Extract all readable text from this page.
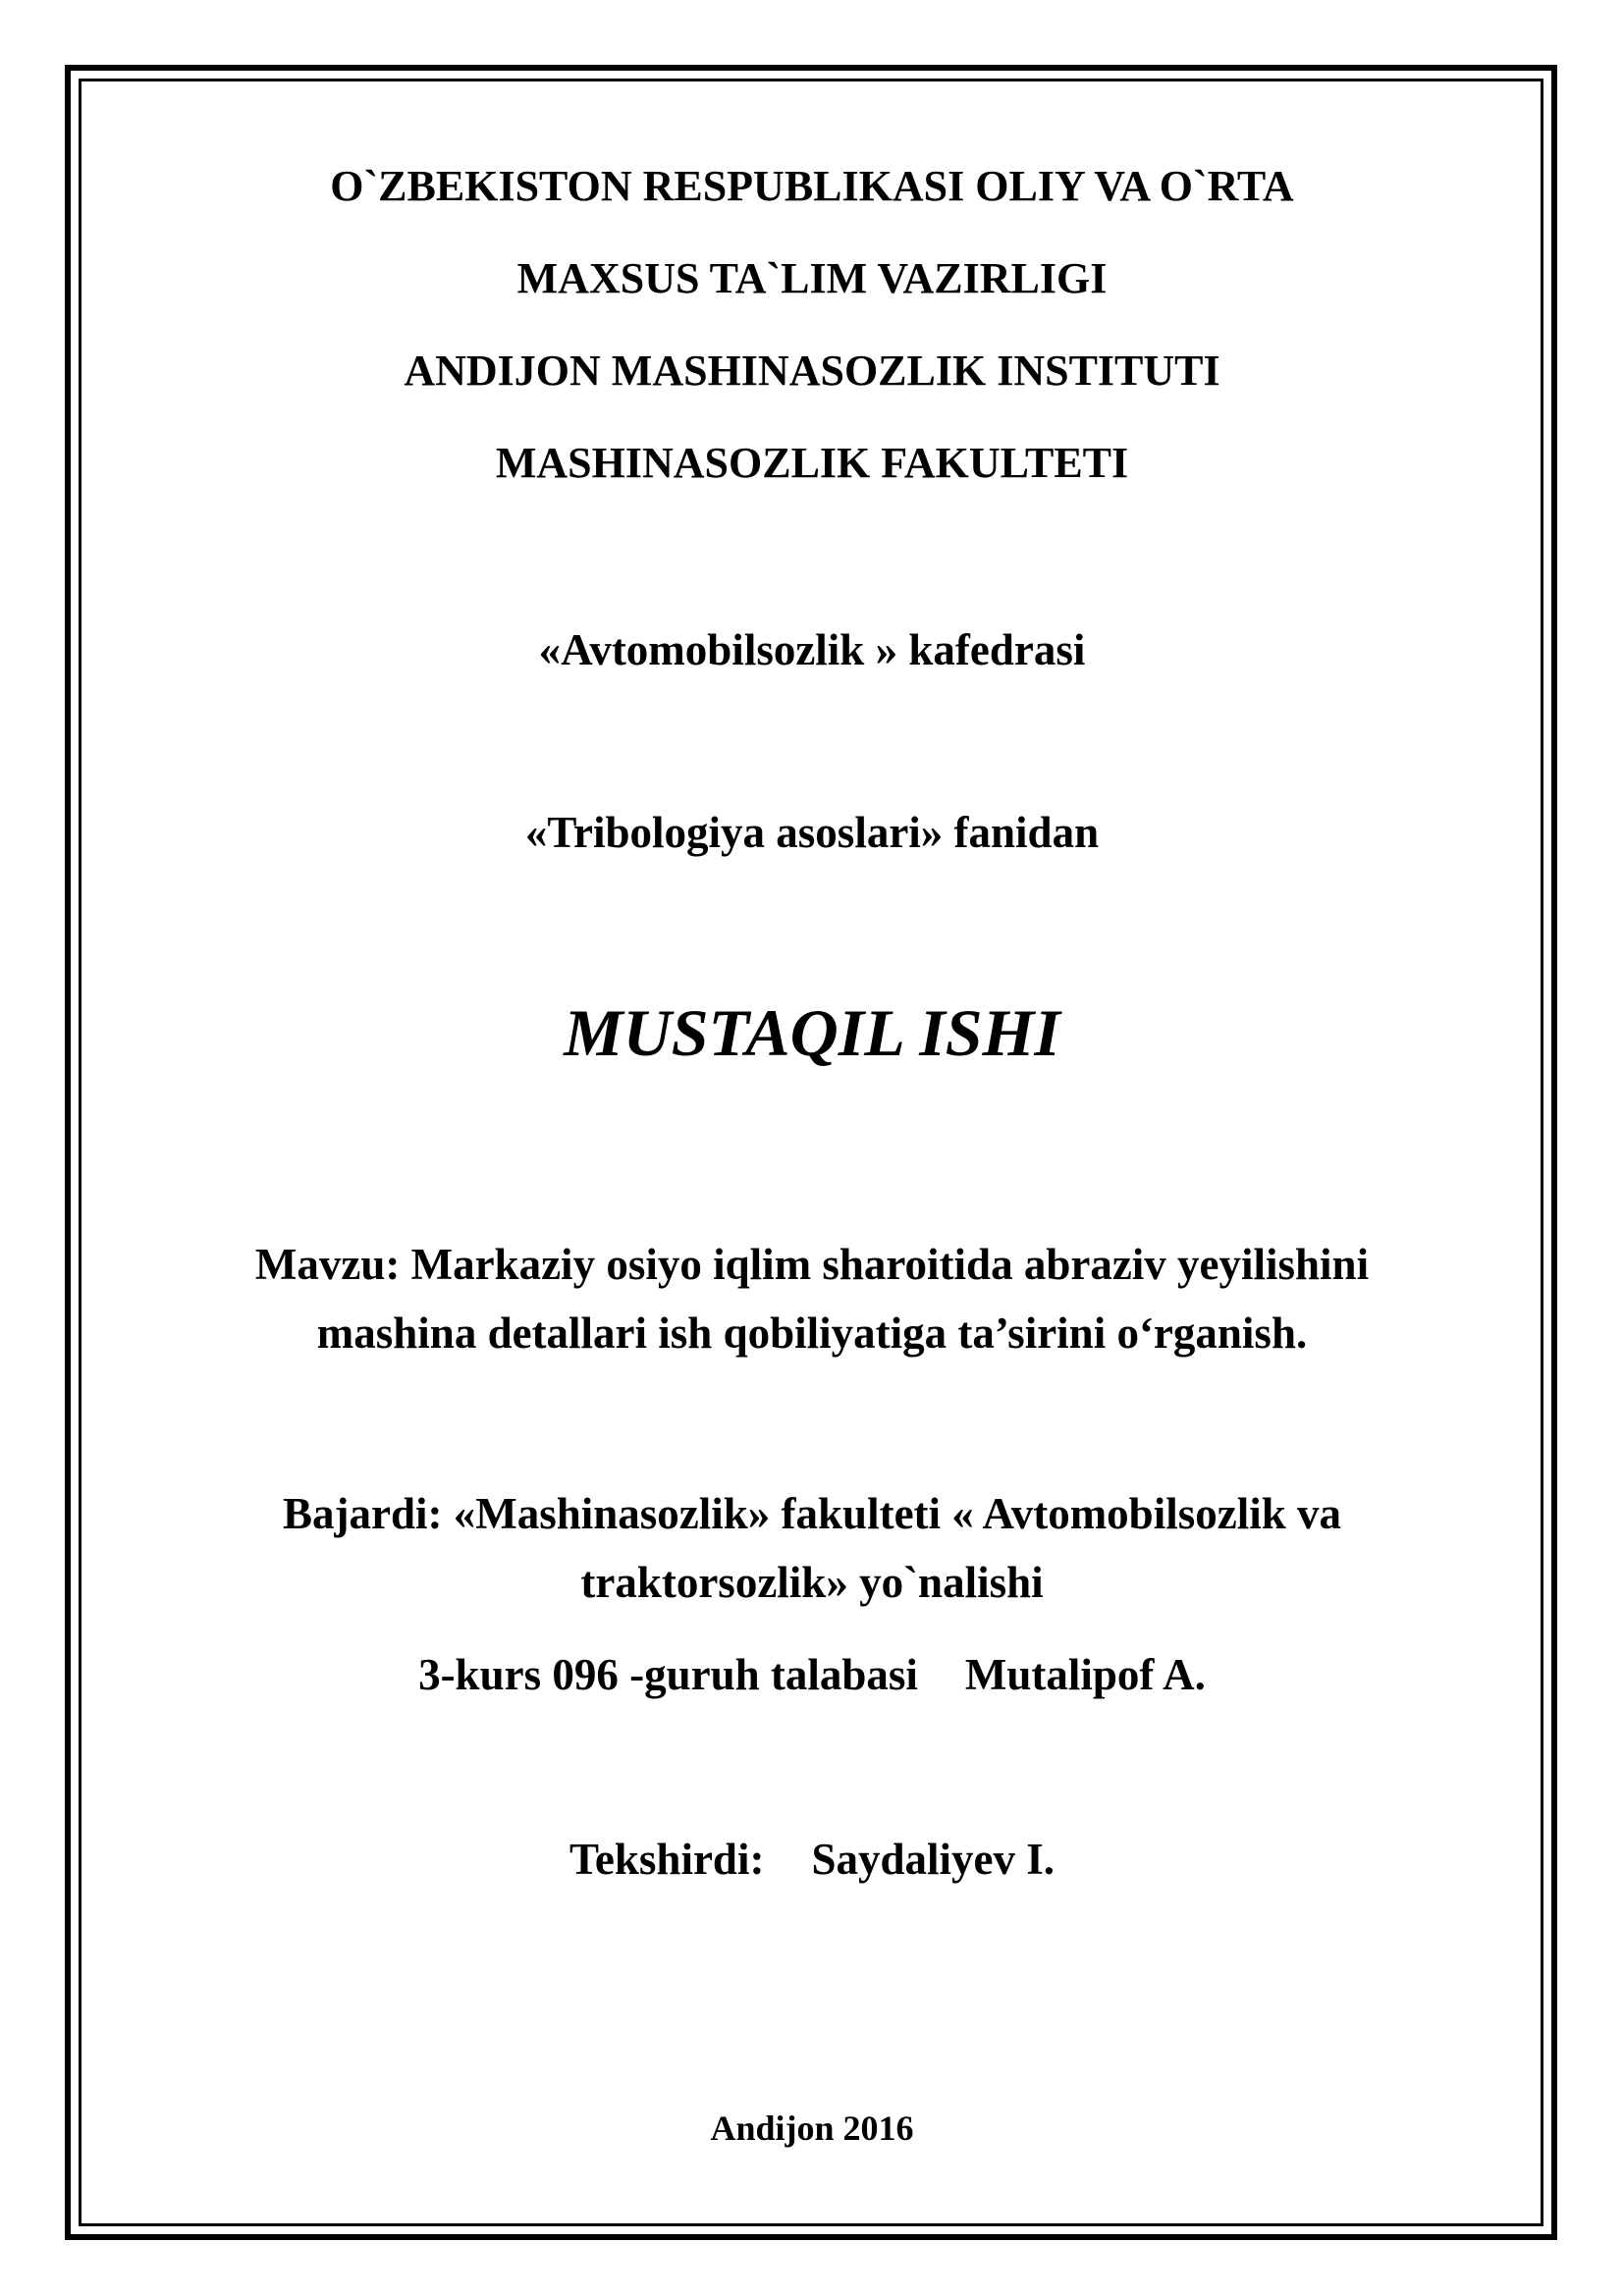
O`ZBEKISTON RESPUBLIKASI OLIY VA O`RTA
MAXSUS TA`LIM VAZIRLIGI
ANDIJON MASHINASOZLIK INSTITUTI
MASHINASOZLIK FAKULTETI
«Avtomobilsozlik » kafedrasi
«Tribologiya asoslari» fanidan
MUSTAQIL ISHI
Mavzu: Markaziy osiyo iqlim sharoitida abraziv yeyilishini
mashina detallari ish qobiliyatiga ta’sirini o‘rganish.
Bajardi: «Mashinasozlik» fakulteti « Avtomobilsozlik va
traktorsozlik» yo`nalishi
3-kurs 096 -guruh talabasi Mutalipof A.
Tekshirdi: Saydaliyev I.
Andijon 2016
